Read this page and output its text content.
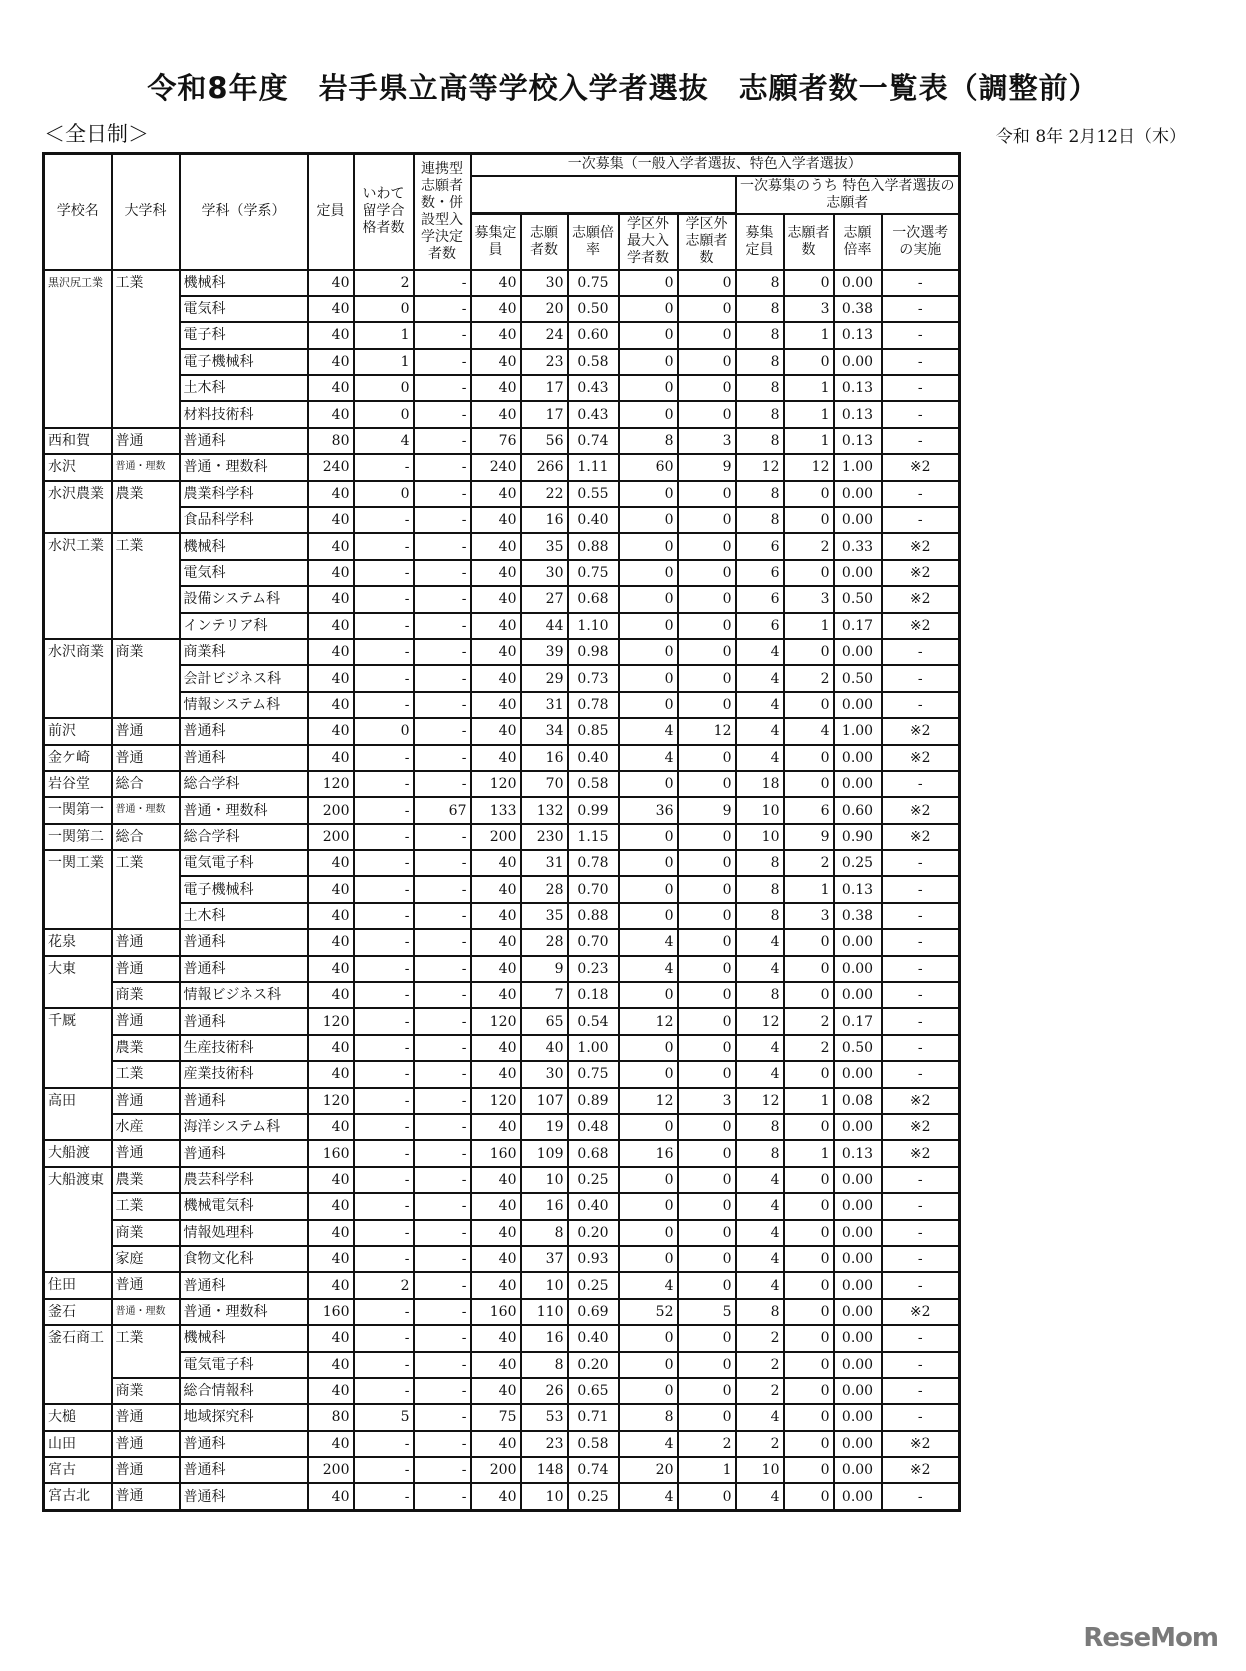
令和8年度　岩手県立高等学校入学者選抜　志願者数一覧表（調整前）
＜全日制＞	令和 8年 2月12日（木）
学校名	大学科	学科（学系）	定員	いわて留学合格者数	連携型志願者数・併設型入学決定者数	一次募集（一般入学者選抜、特色入学者選抜）								
											一次募集のうち 特色入学者選抜の志願者			
						募集定員	志願者数	志願倍率	学区外最大入学者数	学区外志願者数	募集定員	志願者数	志願倍率	一次選考の実施
黒沢尻工業	工業	機械科	40	2	-	40	30	0.75	0	0	8	0	0.00	-
		電気科	40	0	-	40	20	0.50	0	0	8	3	0.38	-
		電子科	40	1	-	40	24	0.60	0	0	8	1	0.13	-
		電子機械科	40	1	-	40	23	0.58	0	0	8	0	0.00	-
		土木科	40	0	-	40	17	0.43	0	0	8	1	0.13	-
		材料技術科	40	0	-	40	17	0.43	0	0	8	1	0.13	-
西和賀	普通	普通科	80	4	-	76	56	0.74	8	3	8	1	0.13	-
水沢	普通・理数	普通・理数科	240	-	-	240	266	1.11	60	9	12	12	1.00	※2
水沢農業	農業	農業科学科	40	0	-	40	22	0.55	0	0	8	0	0.00	-
		食品科学科	40	-	-	40	16	0.40	0	0	8	0	0.00	-
水沢工業	工業	機械科	40	-	-	40	35	0.88	0	0	6	2	0.33	※2
		電気科	40	-	-	40	30	0.75	0	0	6	0	0.00	※2
		設備システム科	40	-	-	40	27	0.68	0	0	6	3	0.50	※2
		インテリア科	40	-	-	40	44	1.10	0	0	6	1	0.17	※2
水沢商業	商業	商業科	40	-	-	40	39	0.98	0	0	4	0	0.00	-
		会計ビジネス科	40	-	-	40	29	0.73	0	0	4	2	0.50	-
		情報システム科	40	-	-	40	31	0.78	0	0	4	0	0.00	-
前沢	普通	普通科	40	0	-	40	34	0.85	4	12	4	4	1.00	※2
金ケ崎	普通	普通科	40	-	-	40	16	0.40	4	0	4	0	0.00	※2
岩谷堂	総合	総合学科	120	-	-	120	70	0.58	0	0	18	0	0.00	-
一関第一	普通・理数	普通・理数科	200	-	67	133	132	0.99	36	9	10	6	0.60	※2
一関第二	総合	総合学科	200	-	-	200	230	1.15	0	0	10	9	0.90	※2
一関工業	工業	電気電子科	40	-	-	40	31	0.78	0	0	8	2	0.25	-
		電子機械科	40	-	-	40	28	0.70	0	0	8	1	0.13	-
		土木科	40	-	-	40	35	0.88	0	0	8	3	0.38	-
花泉	普通	普通科	40	-	-	40	28	0.70	4	0	4	0	0.00	-
大東	普通	普通科	40	-	-	40	9	0.23	4	0	4	0	0.00	-
	商業	情報ビジネス科	40	-	-	40	7	0.18	0	0	8	0	0.00	-
千厩	普通	普通科	120	-	-	120	65	0.54	12	0	12	2	0.17	-
	農業	生産技術科	40	-	-	40	40	1.00	0	0	4	2	0.50	-
	工業	産業技術科	40	-	-	40	30	0.75	0	0	4	0	0.00	-
高田	普通	普通科	120	-	-	120	107	0.89	12	3	12	1	0.08	※2
	水産	海洋システム科	40	-	-	40	19	0.48	0	0	8	0	0.00	※2
大船渡	普通	普通科	160	-	-	160	109	0.68	16	0	8	1	0.13	※2
大船渡東	農業	農芸科学科	40	-	-	40	10	0.25	0	0	4	0	0.00	-
	工業	機械電気科	40	-	-	40	16	0.40	0	0	4	0	0.00	-
	商業	情報処理科	40	-	-	40	8	0.20	0	0	4	0	0.00	-
	家庭	食物文化科	40	-	-	40	37	0.93	0	0	4	0	0.00	-
住田	普通	普通科	40	2	-	40	10	0.25	4	0	4	0	0.00	-
釜石	普通・理数	普通・理数科	160	-	-	160	110	0.69	52	5	8	0	0.00	※2
釜石商工	工業	機械科	40	-	-	40	16	0.40	0	0	2	0	0.00	-
		電気電子科	40	-	-	40	8	0.20	0	0	2	0	0.00	-
	商業	総合情報科	40	-	-	40	26	0.65	0	0	2	0	0.00	-
大槌	普通	地域探究科	80	5	-	75	53	0.71	8	0	4	0	0.00	-
山田	普通	普通科	40	-	-	40	23	0.58	4	2	2	0	0.00	※2
宮古	普通	普通科	200	-	-	200	148	0.74	20	1	10	0	0.00	※2
宮古北	普通	普通科	40	-	-	40	10	0.25	4	0	4	0	0.00	-
ReseMom
